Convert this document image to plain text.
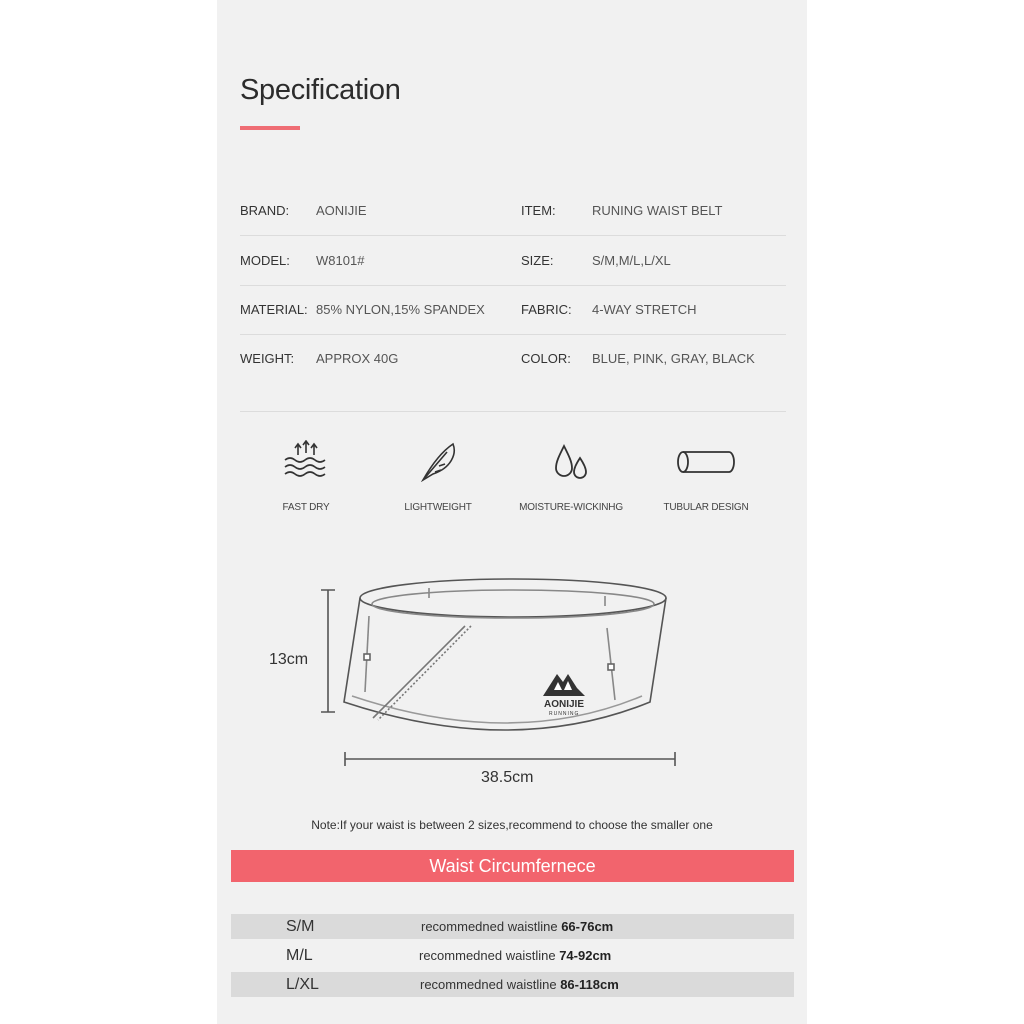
Specification
BRAND: AONIJIE	ITEM:	RUNING WAIST BELT
MODEL: W8101#	SIZE:	S/M,M/L,L/XL
MATERIAL: 85% NYLON,15% SPANDEX	FABRIC: 4-WAY STRETCH
WEIGHT: APPROX 40G	COLOR: BLUE, PINK, GRAY, BLACK
FAST DRY	LIGHTWEIGHT	MOISTURE-WICKINHG	TUBULAR DESIGN
13cm
38.5cm
AONIJIE
RUNNING
Note:If your waist is between 2 sizes,recommend to choose the smaller one
Waist Circumfernece
S/M	recommedned waistline 66-76cm
M/L	recommedned waistline 74-92cm
L/XL	recommedned waistline 86-118cm
